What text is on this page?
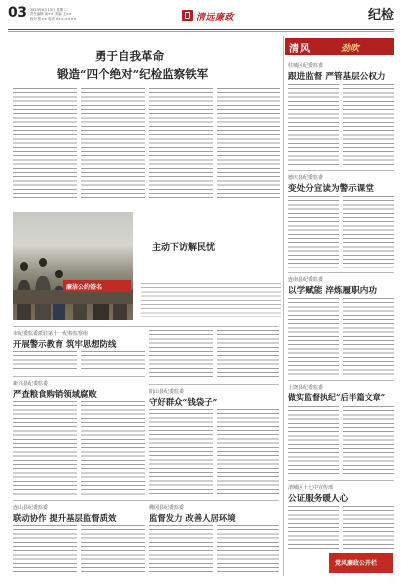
03 2023年6月13日 星期二
责任编辑 刘×× 美编 王××
校对 张×× 电话 0××-××××	清远廉政	纪检
勇于自我革命
锻造“四个绝对”纪检监察铁军
廉洁公约签名
主动下访解民忧
清风	劲吹
驻城区纪委监委
跟进监督 严管基层公权力
德庆县纪委监委
变处分宣读为警示课堂
连南县纪委监委
以学赋能 淬炼履职内功
上饶县纪委监委
做实监督执纪“后半篇文章”
清城区十七中宣传部
公证服务暖人心
市纪委监委派驻第十一纪检监察组
开展警示教育 筑牢思想防线
新兴县纪委监委
严查粮食购销领域腐败	阳山县纪委监委
守好群众“钱袋子”
连山县纪委监委
联动协作 提升基层监督质效
佛冈县纪委监委
监督发力 改善人居环境
党风廉政公开栏
